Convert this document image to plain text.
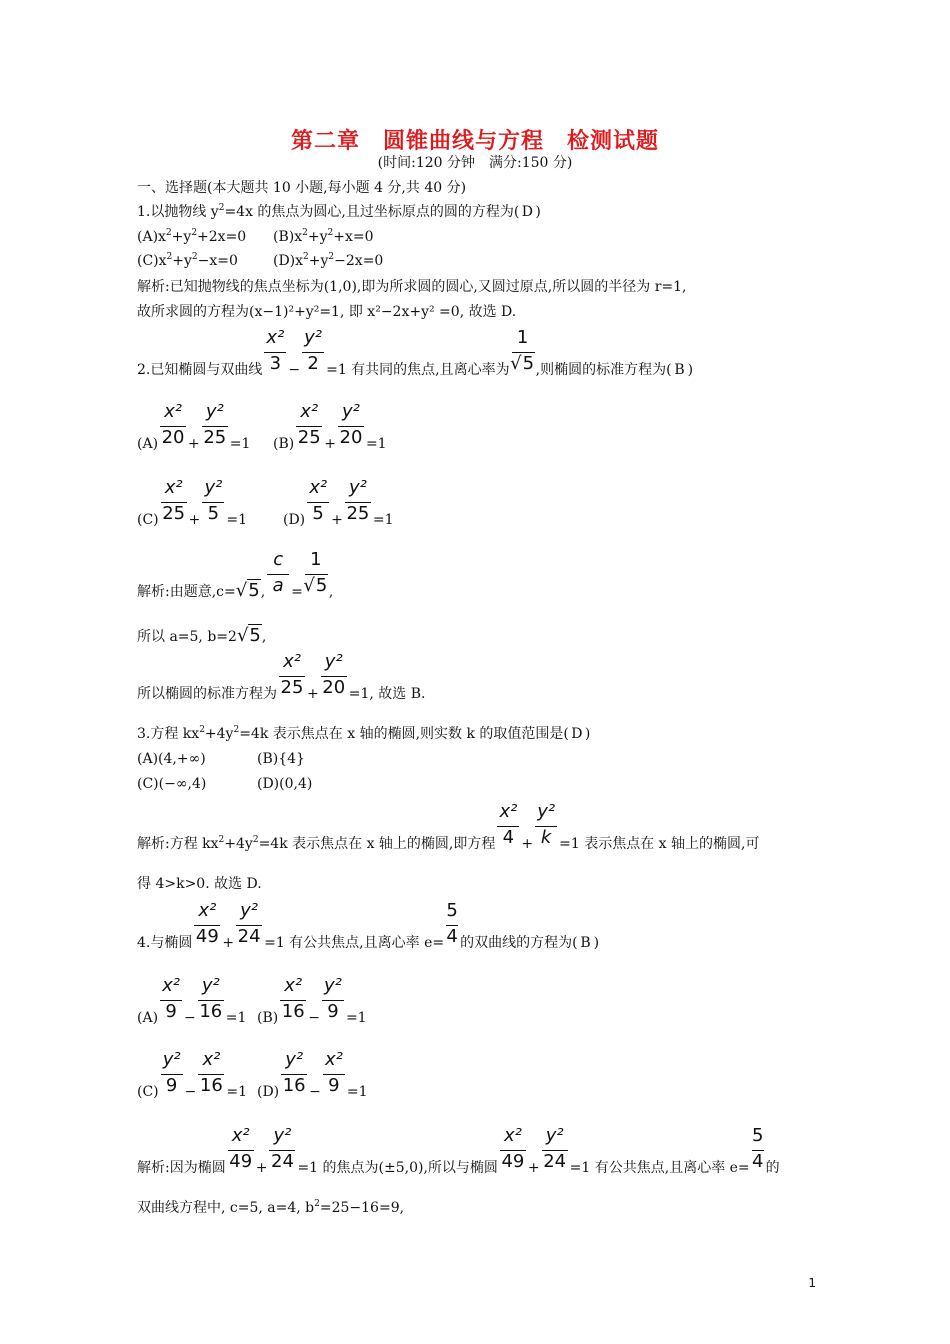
第二章　圆锥曲线与方程　检测试题
(时间:120 分钟　满分:150 分)
一、选择题(本大题共 10 小题,每小题 4 分,共 40 分)
1.以抛物线 $y^2=4x$ 的焦点为圆心,且过坐标原点的圆的方程为( D )
$(A)x^2+y^2+2x=0$ $(B)x^2+y^2+x=0$
$(C)x^2+y^2-x=0$	$(D)x^2+y^2-2x=0$
解析:已知抛物线的焦点坐标为(1,0),即为所求圆的圆心,又圆过原点,所以圆的半径为 r=1,
故所求圆的方程为(x−1)²+y²=1, 即 x²−2x+y² =0, 故选 D.
2.已知椭圆与双曲线 $\frac{\text{x²}}{3} - \frac{\text{y²}}{2} =1$ 有共同的焦点,且离心率为 $\frac{1}{√5}$ ,则椭圆的标准方程为( B )
$(A) \frac{\text{x²}}{20} + \frac{\text{y²}}{25} =1$ $(B) \frac{\text{x²}}{25} + \frac{\text{y²}}{20} =1$
$(C) \frac{\text{x²}}{25} + \frac{\text{y²}}{5} =1$	$(D) \frac{\text{x²}}{5} + \frac{\text{y²}}{25} =1$
解析:由题意,c=√5, $\frac{c}{a} = \frac{1}{√5}$ ,
所以 a=5, b=2√5,
所以椭圆的标准方程为 $\frac{\text{x²}}{25} + \frac{\text{y²}}{20} =1$, 故选 B.
3.方程 $kx^2+4y^2=4k$ 表示焦点在 x 轴的椭圆,则实数 k 的取值范围是( D )
(A)(4,+∞)	(B){4}
(C)(−∞,4)	(D)(0,4)
解析:方程 $kx^2+4y^2=4k$ 表示焦点在 x 轴上的椭圆,即方程 $\frac{\text{x²}}{4} + \frac{\text{y²}}{k} =1$ 表示焦点在 x 轴上的椭圆,可
得 4>k>0. 故选 D.
4.与椭圆 $\frac{\text{x²}}{49} + \frac{\text{y²}}{24} =1$ 有公共焦点,且离心率 $e= \frac{5}{4}$ 的双曲线的方程为( B )
$(A) \frac{\text{x²}}{9} - \frac{\text{y²}}{16} =1$ $(B) \frac{\text{x²}}{16} - \frac{\text{y²}}{9} =1$
$(C) \frac{\text{y²}}{9} - \frac{\text{x²}}{16} =1$ $(D) \frac{\text{y²}}{16} - \frac{\text{x²}}{9} =1$
解析:因为椭圆 $\frac{\text{x²}}{49} + \frac{\text{y²}}{24} =1$ 的焦点为(±5,0),所以与椭圆 $\frac{\text{x²}}{49} + \frac{\text{y²}}{24} =1$ 有公共焦点,且离心率 $e= \frac{5}{4}$ 的
双曲线方程中, c=5, a=4, $b^2=25-16=9$,
1
